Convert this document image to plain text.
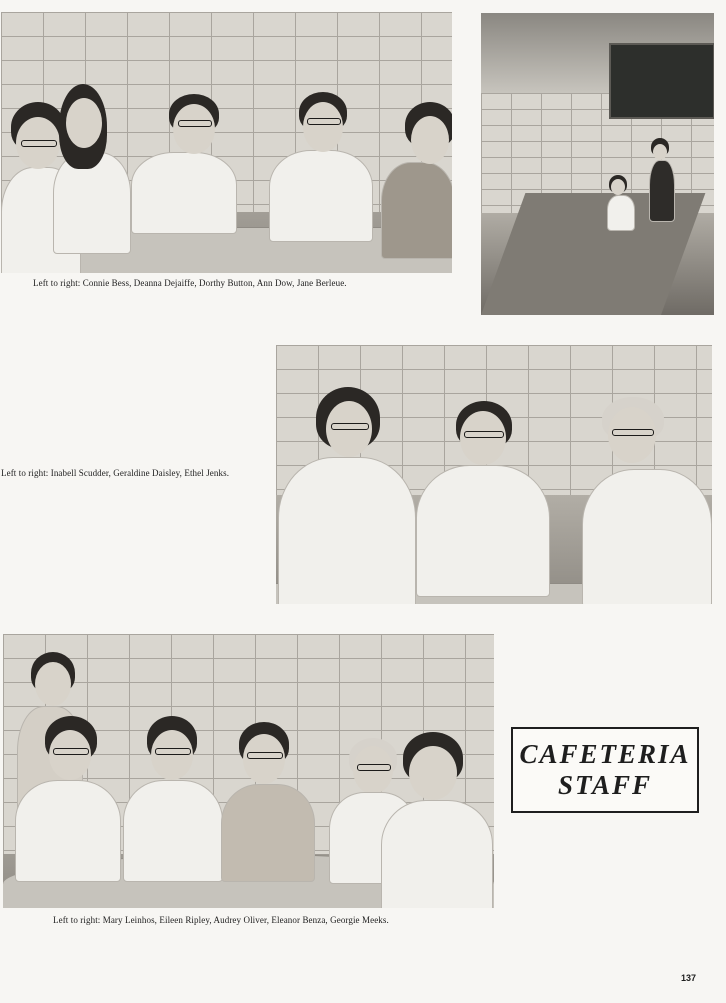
Left to right: Connie Bess, Deanna Dejaiffe, Dorthy Button, Ann Dow, Jane Berleue.
Left to right: Inabell Scudder, Geraldine Daisley, Ethel Jenks.
Left to right: Mary Leinhos, Eileen Ripley, Audrey Oliver, Eleanor Benza, Georgie Meeks.
CAFETERIA
STAFF
137
